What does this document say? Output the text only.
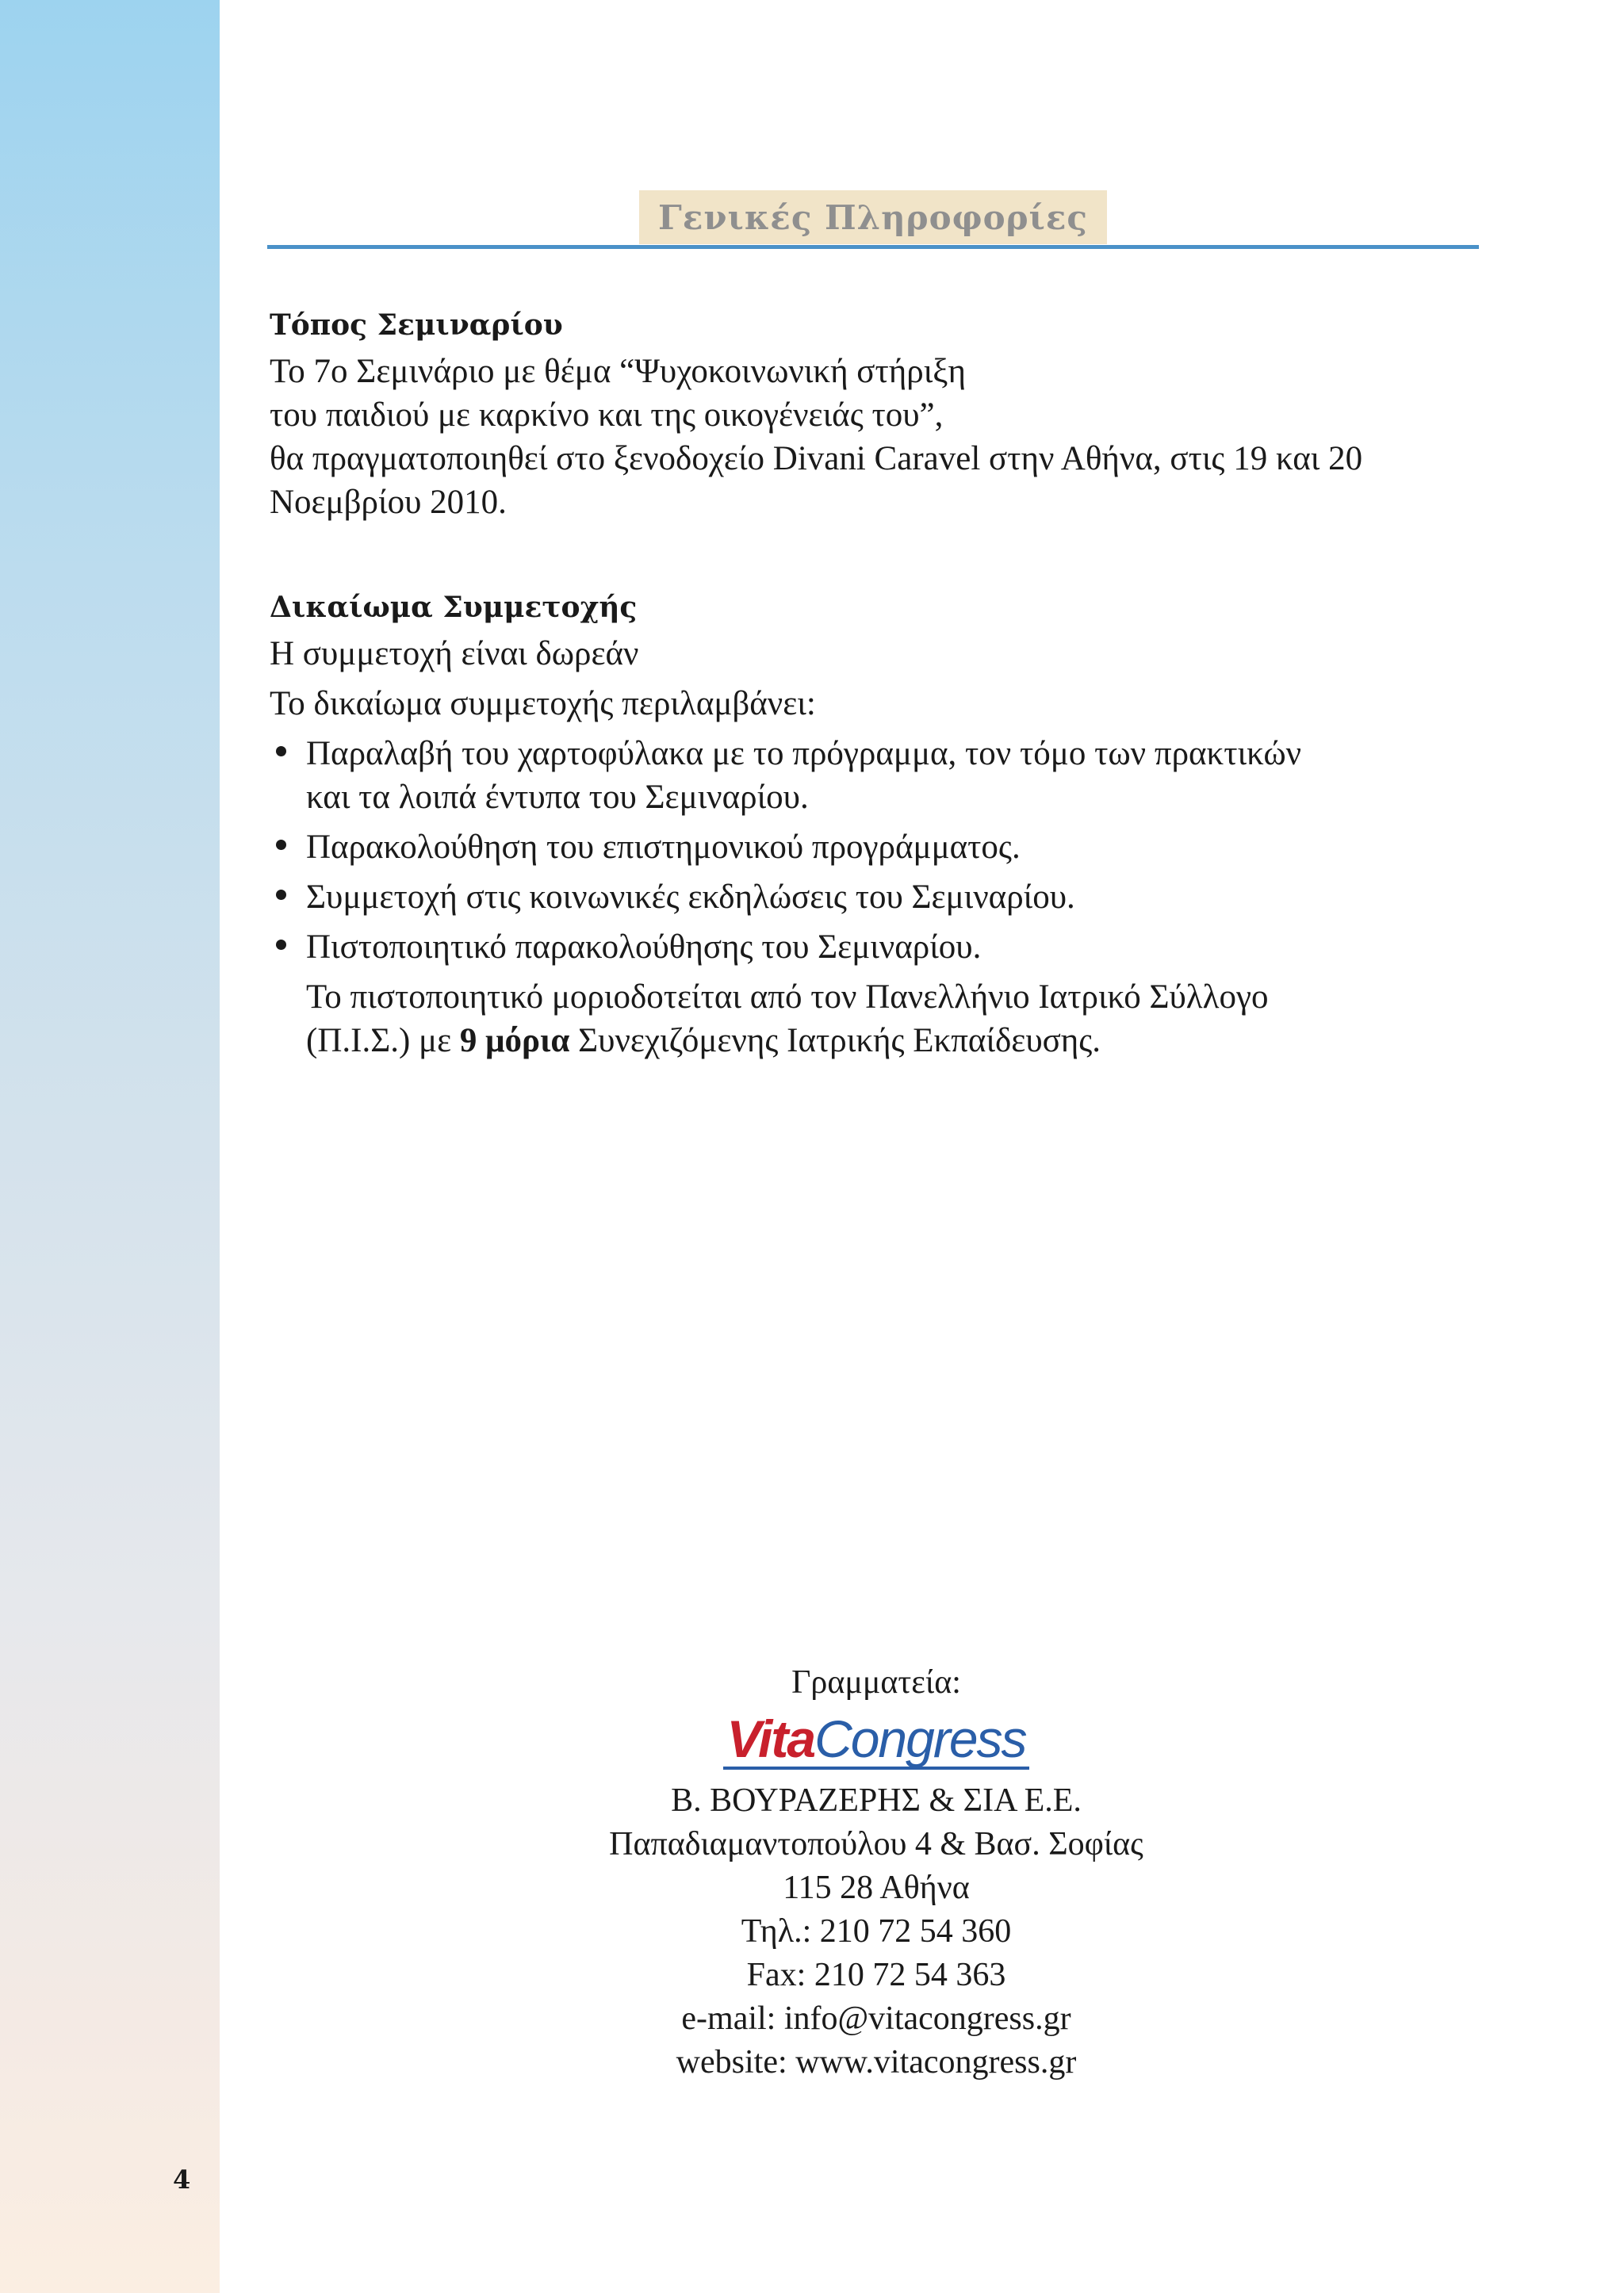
Γενικές Πληροφορίες
Τόπος Σεμιναρίου

Το 7ο Σεμινάριο με θέμα “Ψυχοκοινωνική στήριξη

του παιδιού με καρκίνο και της οικογένειάς του”,

θα πραγματοποιηθεί στο ξενοδοχείο Divani Caravel στην Αθήνα, στις 19 και 20

Νοεμβρίου 2010.

Δικαίωμα Συμμετοχής

Η συμμετοχή είναι δωρεάν

Το δικαίωμα συμμετοχής περιλαμβάνει:

Παραλαβή του χαρτοφύλακα με το πρόγραμμα, τον τόμο των πρακτικών
και τα λοιπά έντυπα του Σεμιναρίου.
Παρακολούθηση του επιστημονικού προγράμματος.
Συμμετοχή στις κοινωνικές εκδηλώσεις του Σεμιναρίου.
Πιστοποιητικό παρακολούθησης του Σεμιναρίου.

Το πιστοποιητικό μοριοδοτείται από τον Πανελλήνιο Ιατρικό Σύλλογο

(Π.Ι.Σ.) με 9 μόρια Συνεχιζόμενης Ιατρικής Εκπαίδευσης.

Γραμματεία:
VitaCongress
Β. ΒΟΥΡΑΖΕΡΗΣ & ΣΙΑ Ε.Ε.
Παπαδιαμαντοπούλου 4 & Βασ. Σοφίας
115 28 Αθήνα
Τηλ.: 210 72 54 360
Fax: 210 72 54 363
e-mail: info@vitacongress.gr
website: www.vitacongress.gr
4
